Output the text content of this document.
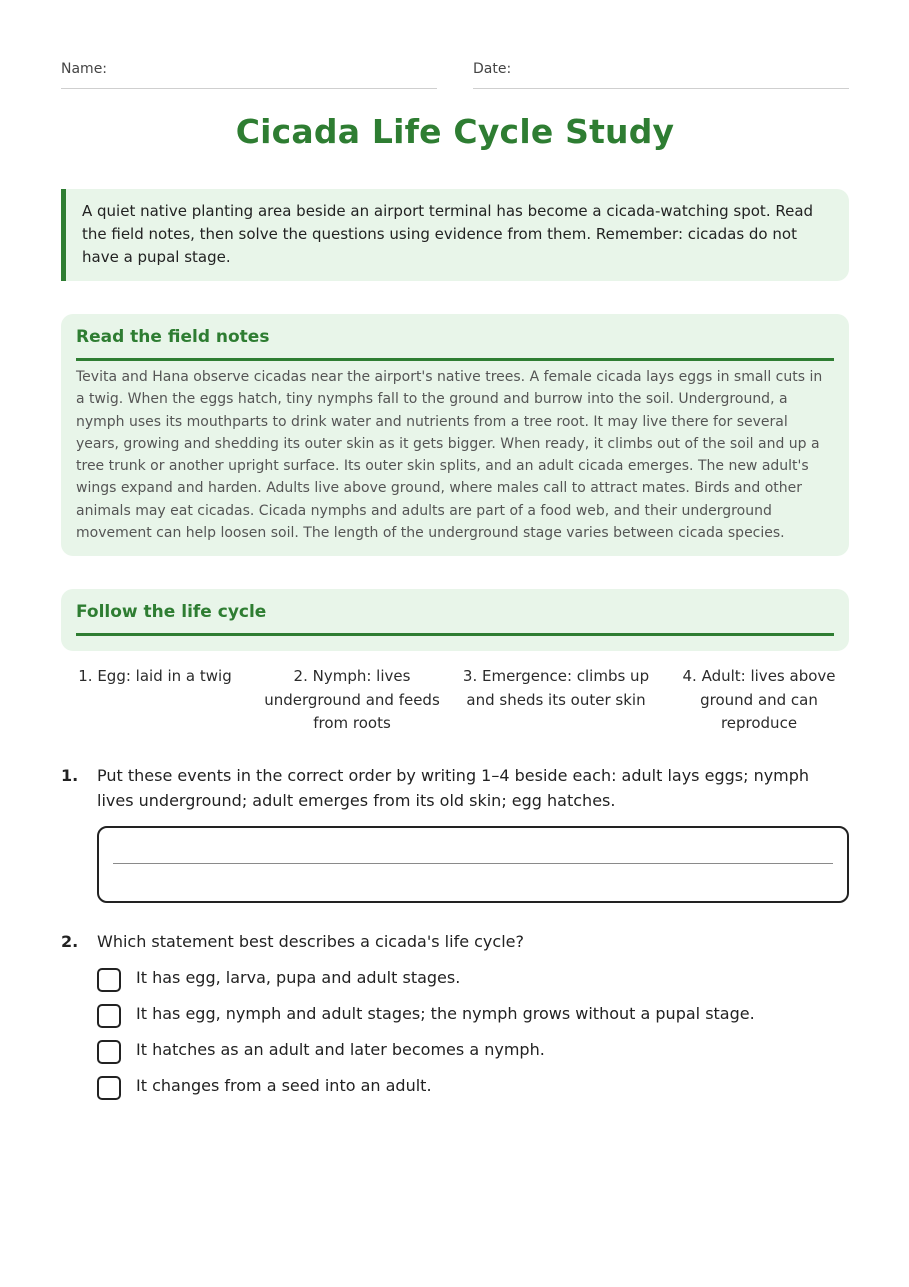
Name:	Date:
Cicada Life Cycle Study
A quiet native planting area beside an airport terminal has become a cicada-watching spot. Read the field notes, then solve the questions using evidence from them. Remember: cicadas do not have a pupal stage.
Read the field notes
Tevita and Hana observe cicadas near the airport's native trees. A female cicada lays eggs in small cuts in a twig. When the eggs hatch, tiny nymphs fall to the ground and burrow into the soil. Underground, a nymph uses its mouthparts to drink water and nutrients from a tree root. It may live there for several years, growing and shedding its outer skin as it gets bigger. When ready, it climbs out of the soil and up a tree trunk or another upright surface. Its outer skin splits, and an adult cicada emerges. The new adult's wings expand and harden. Adults live above ground, where males call to attract mates. Birds and other animals may eat cicadas. Cicada nymphs and adults are part of a food web, and their underground movement can help loosen soil. The length of the underground stage varies between cicada species.
Follow the life cycle
1. Egg: laid in a twig	2. Nymph: lives underground and feeds from roots
3. Emergence: climbs up and sheds its outer skin
4. Adult: lives above ground and can reproduce
1.	Put these events in the correct order by writing 1–4 beside each: adult lays eggs; nymph lives underground; adult emerges from its old skin; egg hatches.
2.	Which statement best describes a cicada's life cycle?
It has egg, larva, pupa and adult stages.
It has egg, nymph and adult stages; the nymph grows without a pupal stage.
It hatches as an adult and later becomes a nymph.
It changes from a seed into an adult.
